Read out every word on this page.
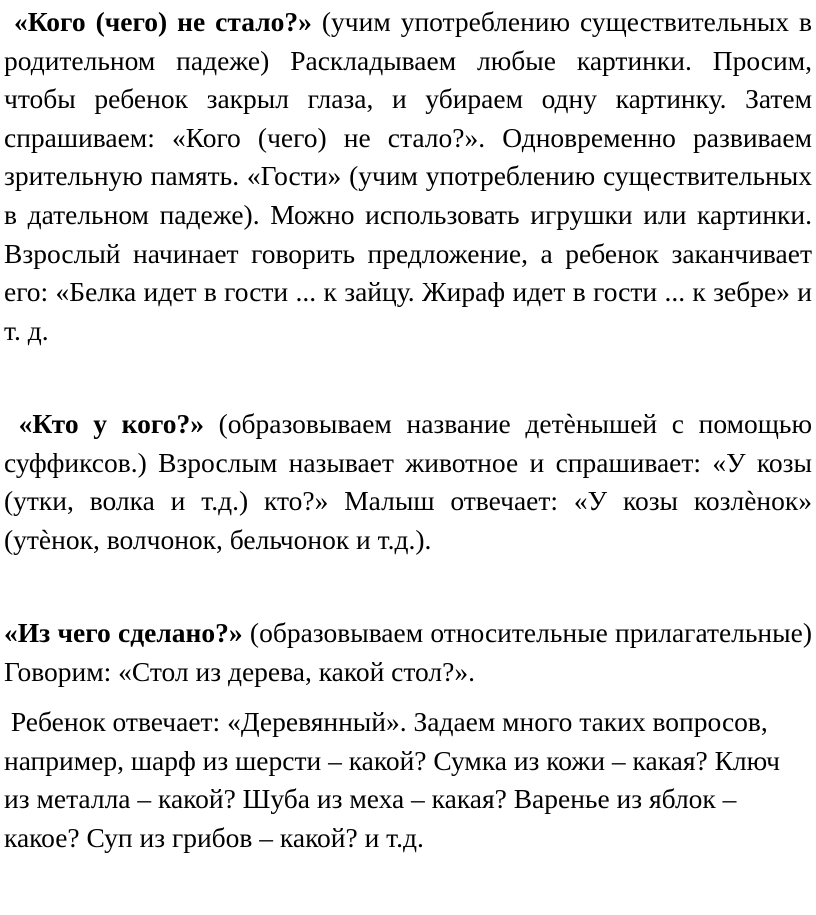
«Кого (чего) не стало?» (учим употреблению существительных в родительном падеже) Раскладываем любые картинки. Просим, чтобы ребенок закрыл глаза, и убираем одну картинку. Затем спрашиваем: «Кого (чего) не стало?». Одновременно развиваем зрительную память. «Гости» (учим употреблению существительных в дательном падеже). Можно использовать игрушки или картинки. Взрослый начинает говорить предложение, а ребенок заканчивает его: «Белка идет в гости ... к зайцу. Жираф идет в гости ... к зебре» и т. д.

«Кто у кого?» (образовываем название детѐнышей с помощью суффиксов.) Взрослым называет животное и спрашивает: «У козы (утки, волка и т.д.) кто?» Малыш отвечает: «У козы козлѐнок» (утѐнок, волчонок, бельчонок и т.д.).

«Из чего сделано?» (образовываем относительные прилагательные) Говорим: «Стол из дерева, какой стол?».

Ребенок отвечает: «Деревянный». Задаем много таких вопросов, например, шарф из шерсти – какой? Сумка из кожи – какая? Ключ из металла – какой? Шуба из меха – какая? Варенье из яблок – какое? Суп из грибов – какой? и т.д.
